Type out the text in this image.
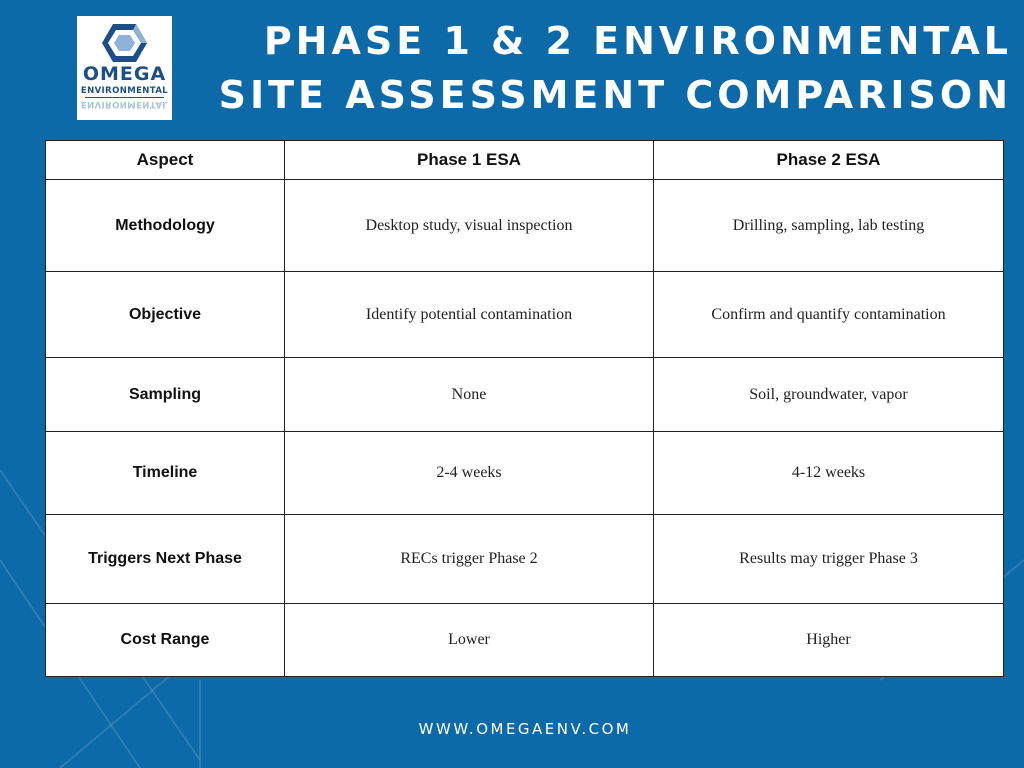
OMEGA
ENVIRONMENTAL
ENVIRONMENTAL
PHASE 1 & 2 ENVIRONMENTAL
SITE ASSESSMENT COMPARISON
Aspect	Phase 1 ESA	Phase 2 ESA
Methodology	Desktop study, visual inspection	Drilling, sampling, lab testing
Objective	Identify potential contamination	Confirm and quantify contamination
Sampling	None	Soil, groundwater, vapor
Timeline	2-4 weeks	4-12 weeks
Triggers Next Phase	RECs trigger Phase 2	Results may trigger Phase 3
Cost Range	Lower	Higher
WWW.OMEGAENV.COM
